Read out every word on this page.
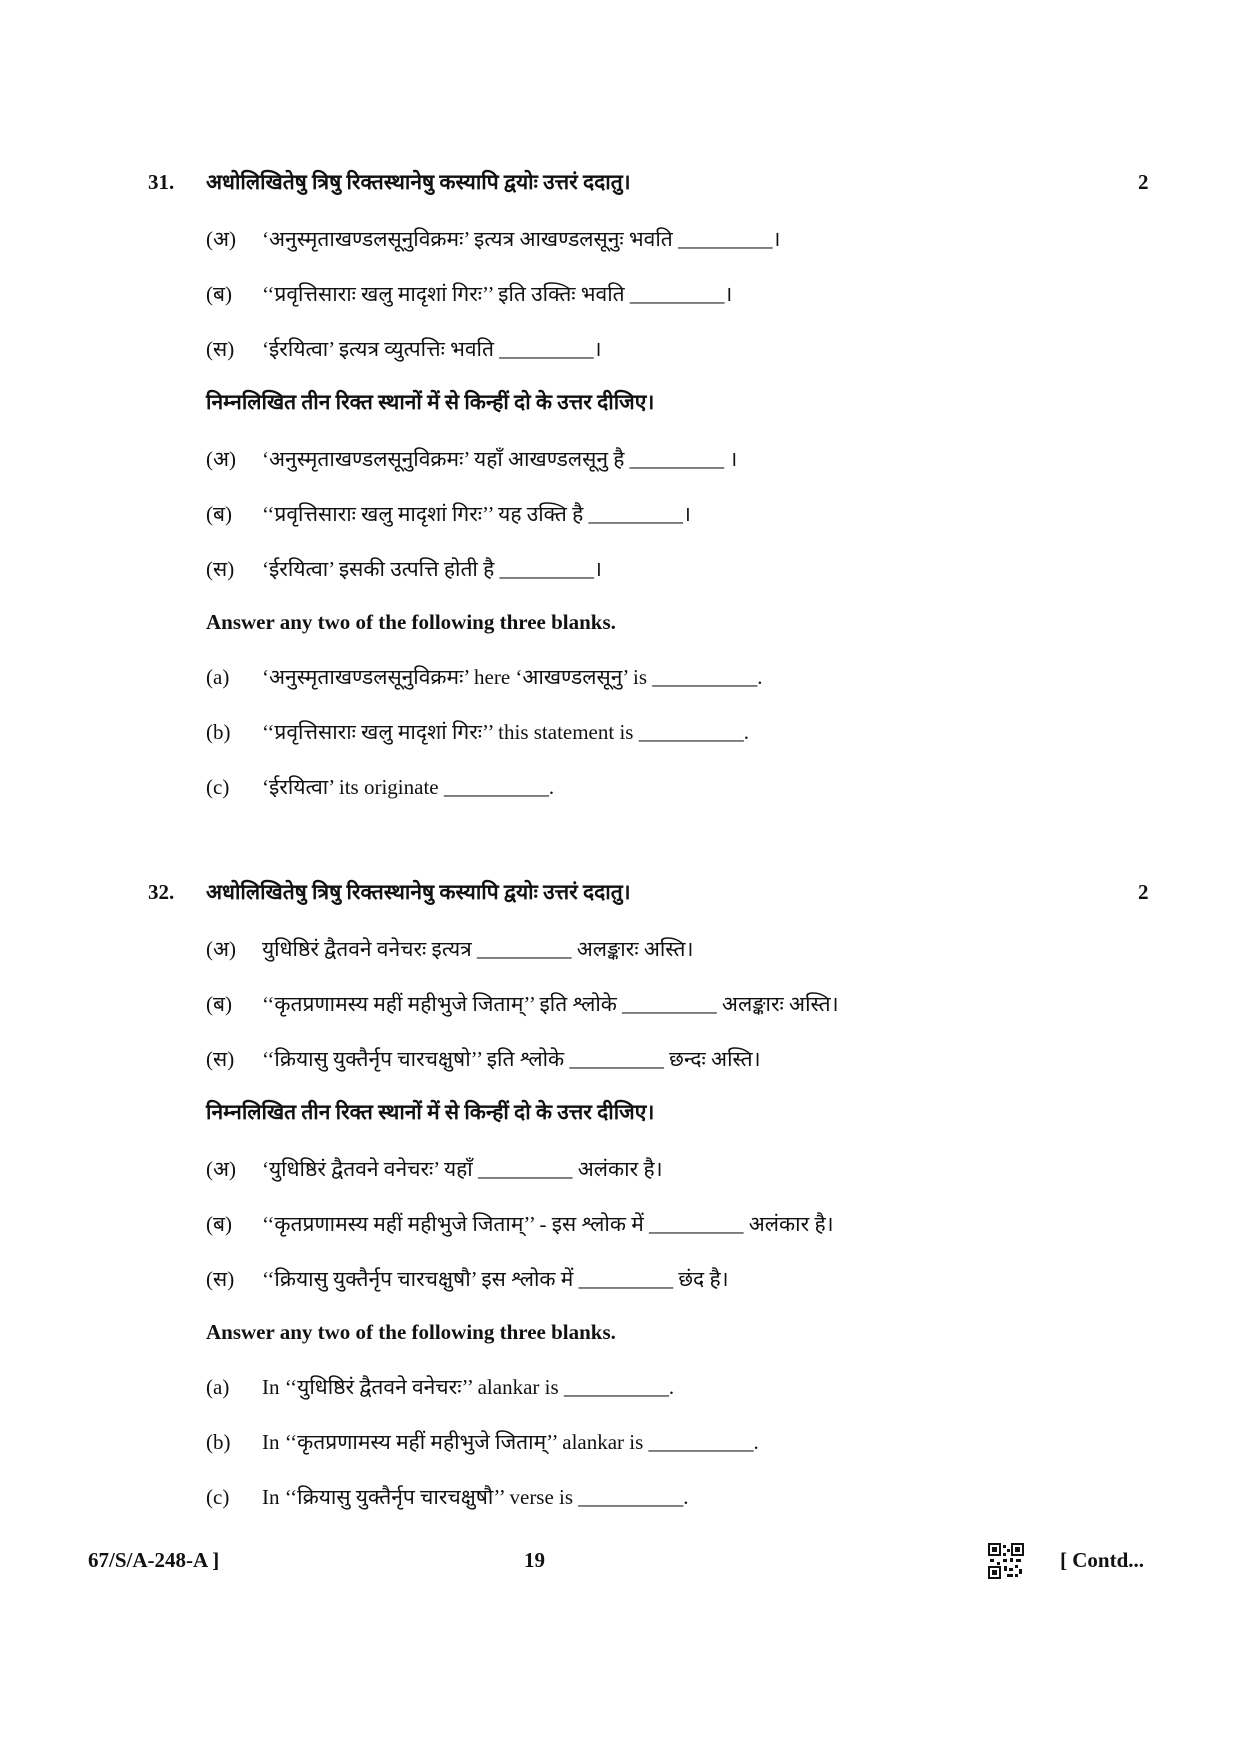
31. अधोलिखितेषु त्रिषु रिक्तस्थानेषु कस्यापि द्वयोः उत्तरं ददातु।	2
(अ) ‘अनुस्मृताखण्डलसूनुविक्रमः’ इत्यत्र आखण्डलसूनुः भवति _________।
(ब) ‘‘प्रवृत्तिसाराः खलु मादृशां गिरः’’ इति उक्तिः भवति _________।
(स) ‘ईरयित्वा’ इत्यत्र व्युत्पत्तिः भवति _________।
निम्नलिखित तीन रिक्त स्थानों में से किन्हीं दो के उत्तर दीजिए।
(अ) ‘अनुस्मृताखण्डलसूनुविक्रमः’ यहाँ आखण्डलसूनु है _________ ।
(ब) ‘‘प्रवृत्तिसाराः खलु मादृशां गिरः’’ यह उक्ति है _________।
(स) ‘ईरयित्वा’ इसकी उत्पत्ति होती है _________।
Answer any two of the following three blanks.
(a) ‘अनुस्मृताखण्डलसूनुविक्रमः’ here ‘आखण्डलसूनु’ is __________.
(b) ‘‘प्रवृत्तिसाराः खलु मादृशां गिरः’’ this statement is __________.
(c) ‘ईरयित्वा’ its originate __________.
32. अधोलिखितेषु त्रिषु रिक्तस्थानेषु कस्यापि द्वयोः उत्तरं ददातु।	2
(अ) युधिष्ठिरं द्वैतवने वनेचरः इत्यत्र _________ अलङ्कारः अस्ति।
(ब) ‘‘कृतप्रणामस्य महीं महीभुजे जिताम्’’ इति श्लोके _________ अलङ्कारः अस्ति।
(स) ‘‘क्रियासु युक्तैर्नृप चारचक्षुषो’’ इति श्लोके _________ छन्दः अस्ति।
निम्नलिखित तीन रिक्त स्थानों में से किन्हीं दो के उत्तर दीजिए।
(अ) ‘युधिष्ठिरं द्वैतवने वनेचरः’ यहाँ _________ अलंकार है।
(ब) ‘‘कृतप्रणामस्य महीं महीभुजे जिताम्’’ - इस श्लोक में _________ अलंकार है।
(स) ‘‘क्रियासु युक्तैर्नृप चारचक्षुषौ’ इस श्लोक में _________ छंद है।
Answer any two of the following three blanks.
(a) In ‘‘युधिष्ठिरं द्वैतवने वनेचरः’’ alankar is __________.
(b) In ‘‘कृतप्रणामस्य महीं महीभुजे जिताम्’’ alankar is __________.
(c) In ‘‘क्रियासु युक्तैर्नृप चारचक्षुषौ’’ verse is __________.
67/S/A-248-A ]	19	[ Contd...
